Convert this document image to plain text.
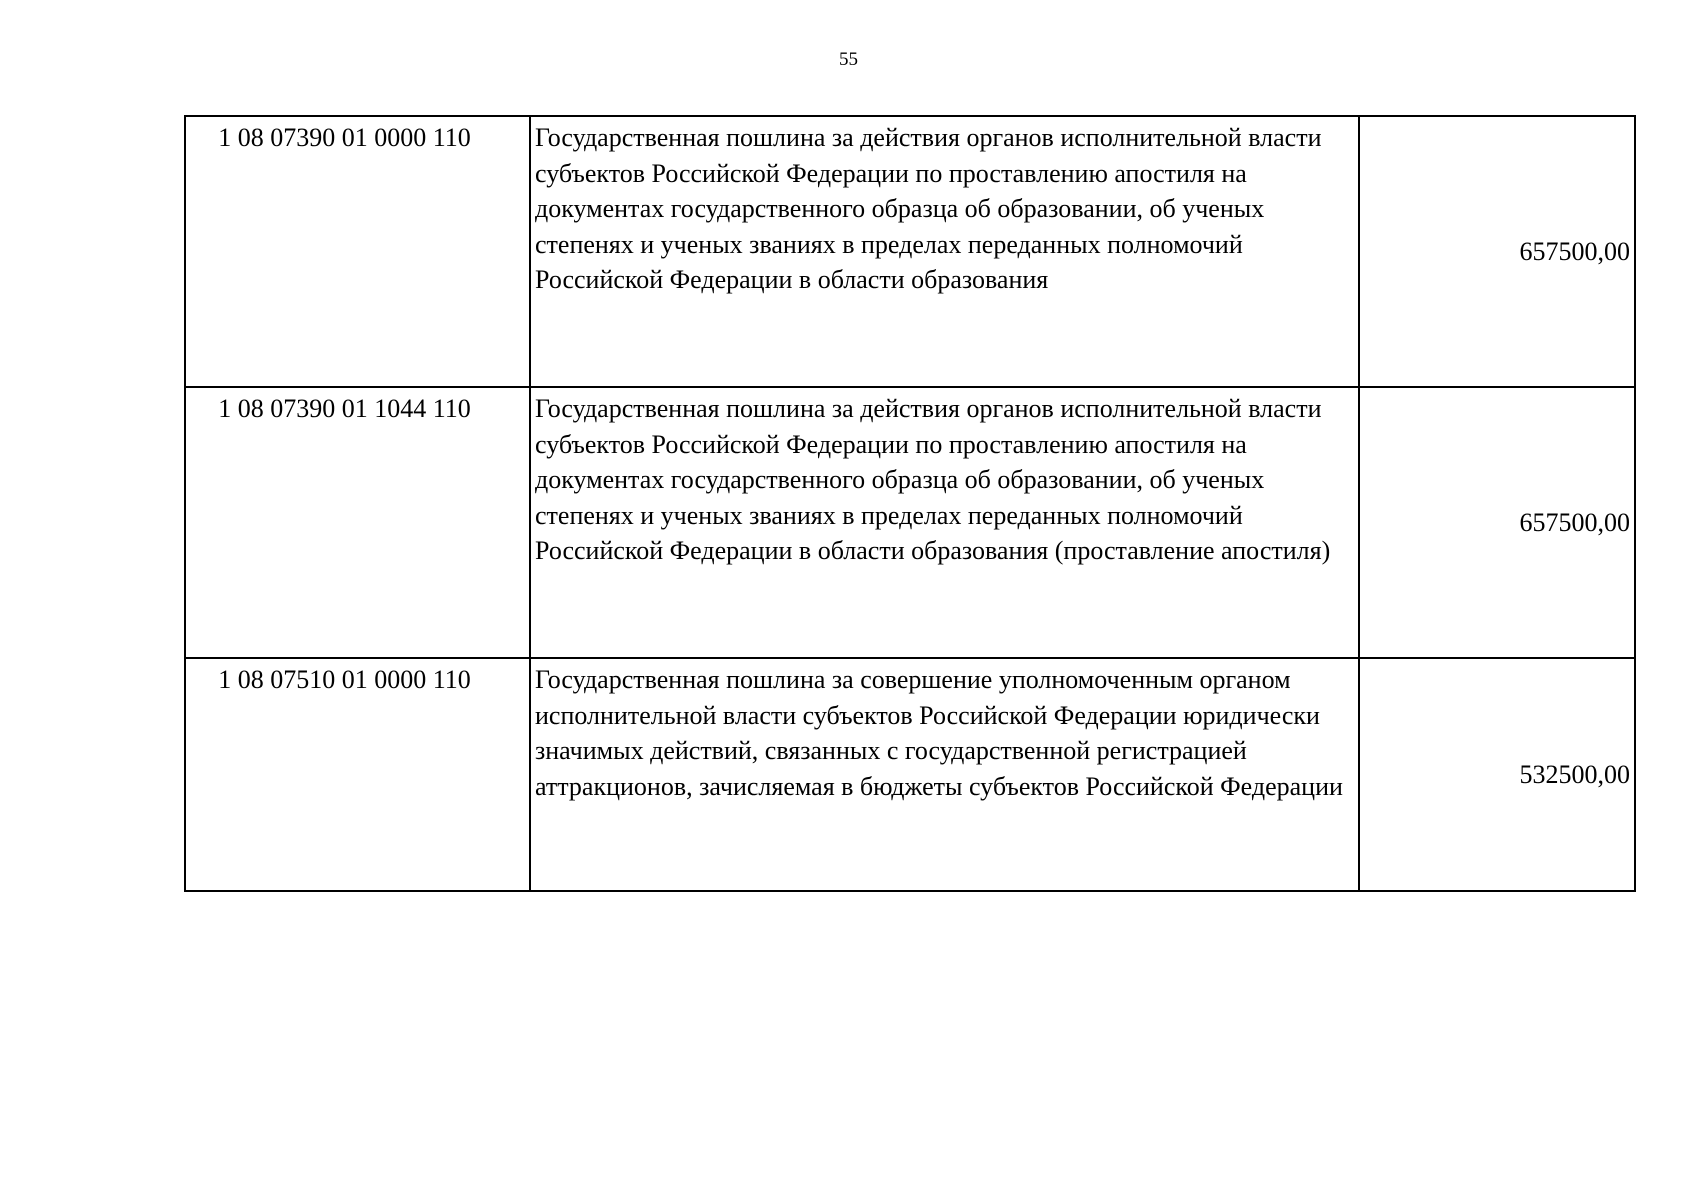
55
1 08 07390 01 0000 110	Государственная пошлина за действия органов исполнительной власти субъектов Российской Федерации по проставлению апостиля на документах государственного образца об образовании, об ученых степенях и ученых званиях в пределах переданных полномочий Российской Федерации в области образования	657500,00
1 08 07390 01 1044 110	Государственная пошлина за действия органов исполнительной власти субъектов Российской Федерации по проставлению апостиля на документах государственного образца об образовании, об ученых степенях и ученых званиях в пределах переданных полномочий Российской Федерации в области образования (проставление апостиля)	657500,00
1 08 07510 01 0000 110	Государственная пошлина за совершение уполномоченным органом исполнительной власти субъектов Российской Федерации юридически значимых действий, связанных с государственной регистрацией аттракционов, зачисляемая в бюджеты субъектов Российской Федерации	532500,00
